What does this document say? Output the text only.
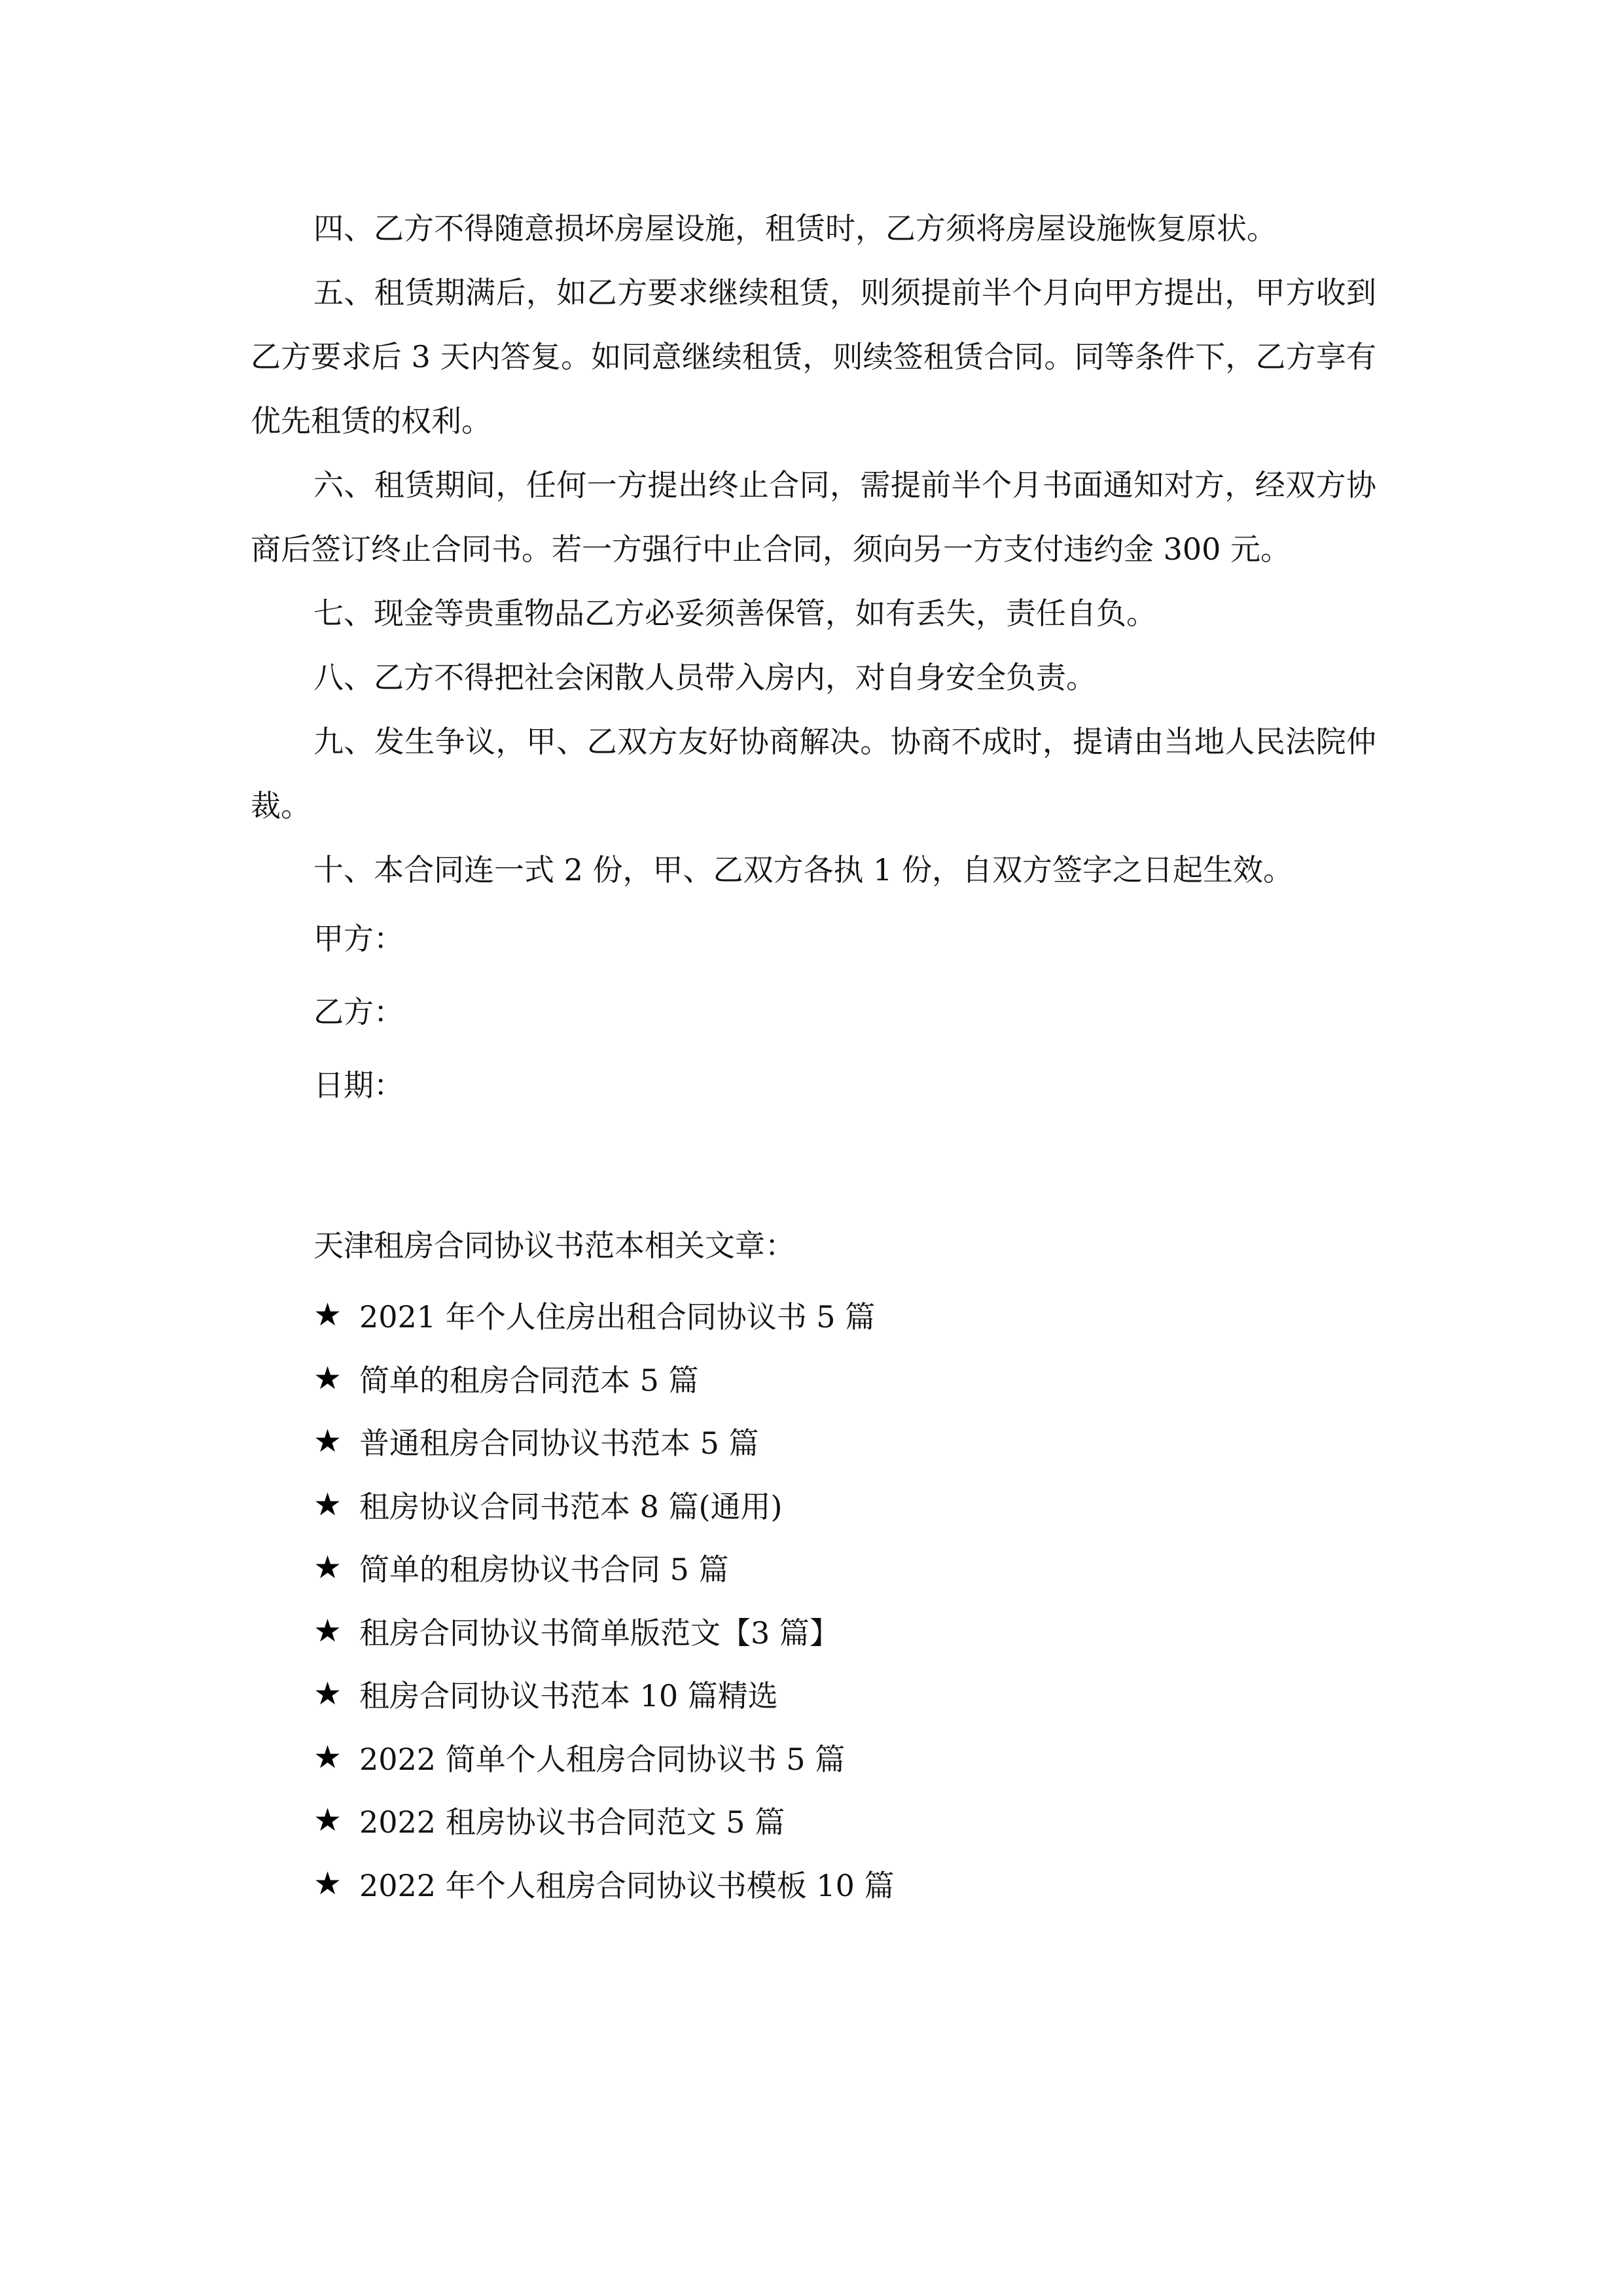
四、乙方不得随意损坏房屋设施，租赁时，乙方须将房屋设施恢复原状。

五、租赁期满后，如乙方要求继续租赁，则须提前半个月向甲方提出，甲方收到乙方要求后 3 天内答复。如同意继续租赁，则续签租赁合同。同等条件下，乙方享有优先租赁的权利。

六、租赁期间，任何一方提出终止合同，需提前半个月书面通知对方，经双方协商后签订终止合同书。若一方强行中止合同，须向另一方支付违约金 300 元。

七、现金等贵重物品乙方必妥须善保管，如有丢失，责任自负。

八、乙方不得把社会闲散人员带入房内，对自身安全负责。

九、发生争议，甲、乙双方友好协商解决。协商不成时，提请由当地人民法院仲裁。

十、本合同连一式 2 份，甲、乙双方各执 1 份，自双方签字之日起生效。

甲方：

乙方：

日期：

天津租房合同协议书范本相关文章：

★ 2021 年个人住房出租合同协议书 5 篇
★ 简单的租房合同范本 5 篇
★ 普通租房合同协议书范本 5 篇
★ 租房协议合同书范本 8 篇(通用)
★ 简单的租房协议书合同 5 篇
★ 租房合同协议书简单版范文【3 篇】
★ 租房合同协议书范本 10 篇精选
★ 2022 简单个人租房合同协议书 5 篇
★ 2022 租房协议书合同范文 5 篇
★ 2022 年个人租房合同协议书模板 10 篇
